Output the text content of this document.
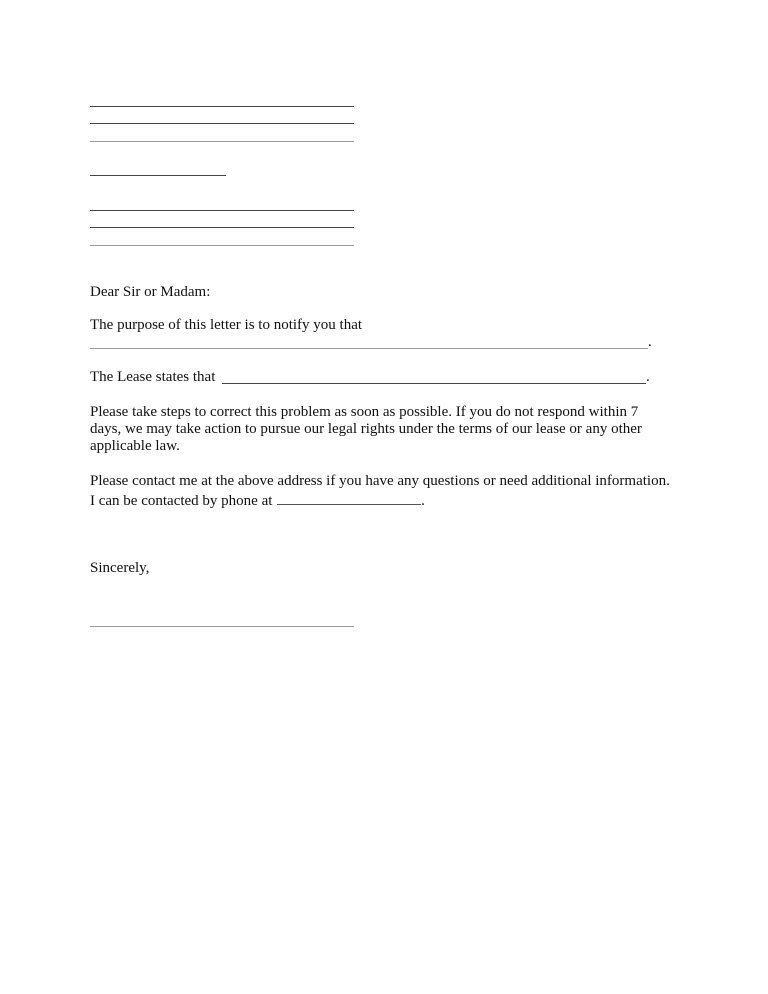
Dear Sir or Madam:
The purpose of this letter is to notify you that
.
The Lease states that	.
Please take steps to correct this problem as soon as possible. If you do not respond within 7
days, we may take action to pursue our legal rights under the terms of our lease or any other
applicable law.
Please contact me at the above address if you have any questions or need additional information.
I can be contacted by phone at	.
Sincerely,
